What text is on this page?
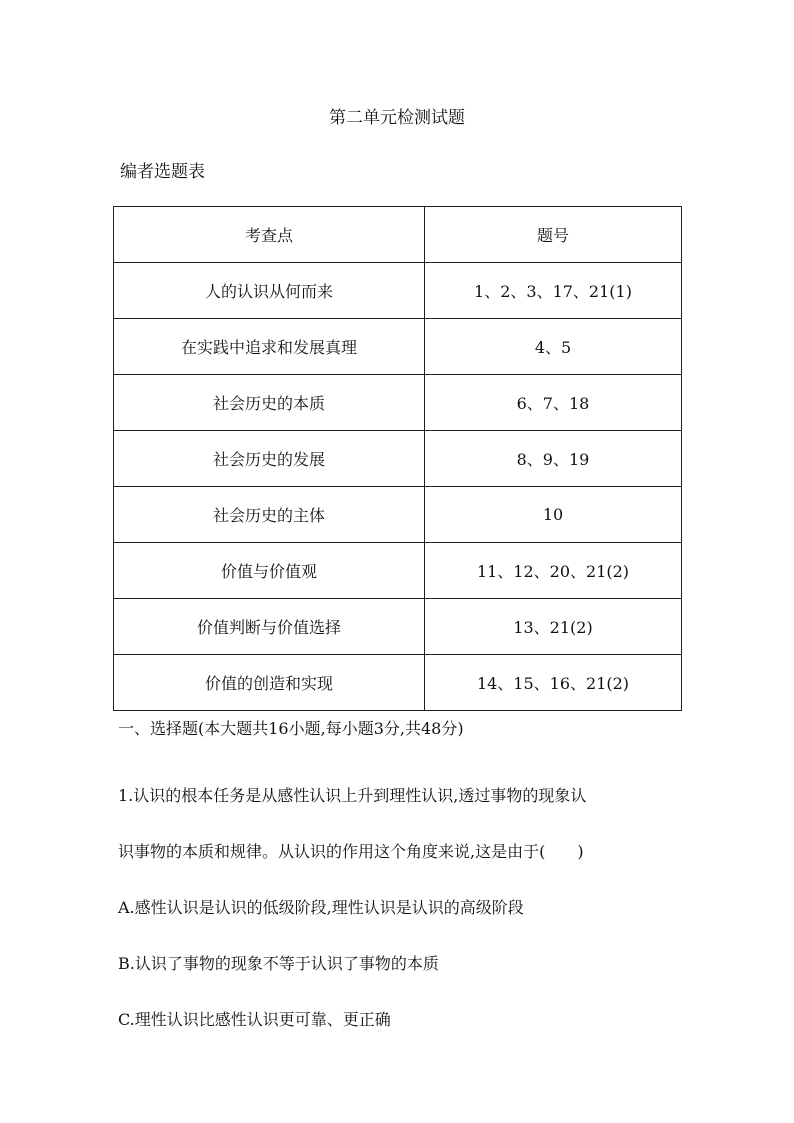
第二单元检测试题
编者选题表
考查点	题号
人的认识从何而来	1、2、3、17、21(1)
在实践中追求和发展真理	4、5
社会历史的本质	6、7、18
社会历史的发展	8、9、19
社会历史的主体	10
价值与价值观	11、12、20、21(2)
价值判断与价值选择	13、21(2)
价值的创造和实现	14、15、16、21(2)
一、选择题(本大题共16小题,每小题3分,共48分)
1.认识的根本任务是从感性认识上升到理性认识,透过事物的现象认
识事物的本质和规律。从认识的作用这个角度来说,这是由于(　　)
A.感性认识是认识的低级阶段,理性认识是认识的高级阶段
B.认识了事物的现象不等于认识了事物的本质
C.理性认识比感性认识更可靠、更正确
